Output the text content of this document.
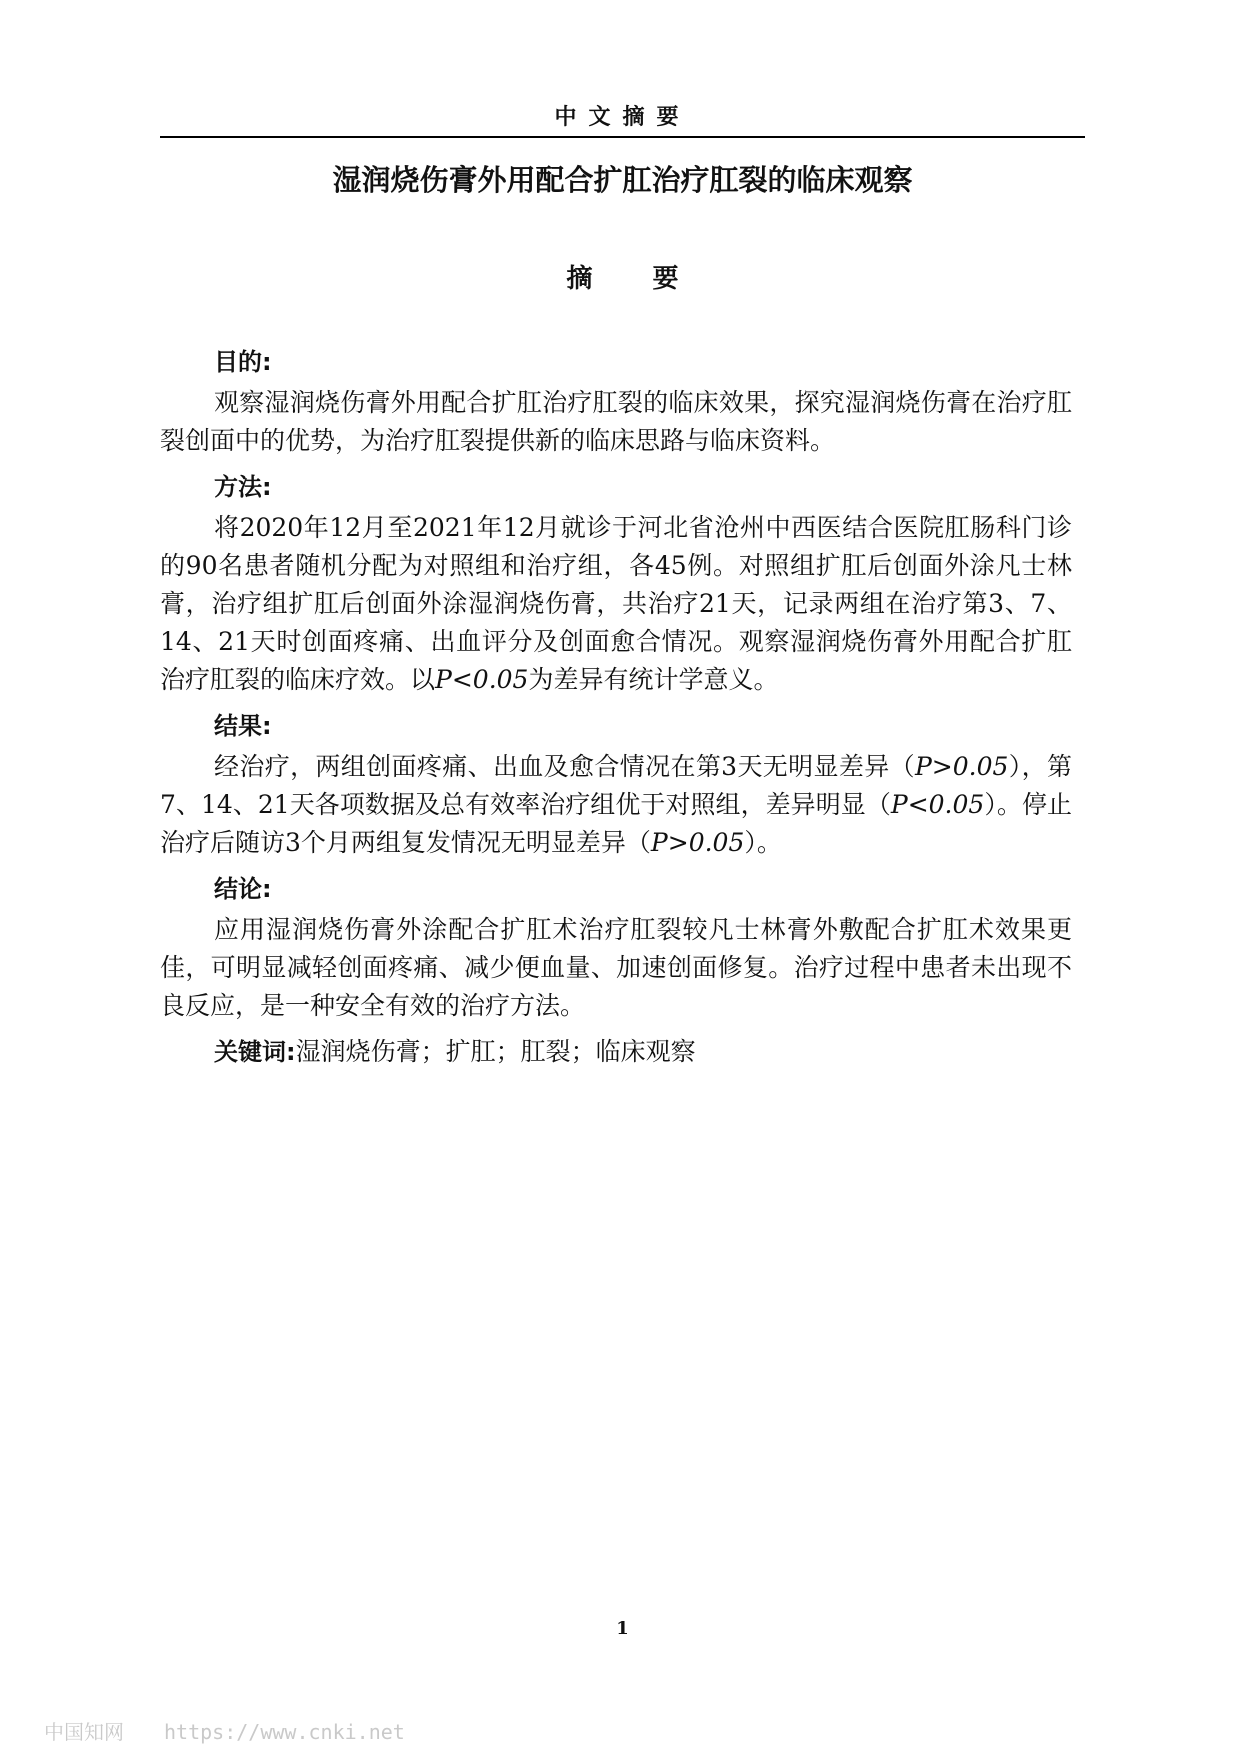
中文摘要
湿润烧伤膏外用配合扩肛治疗肛裂的临床观察
摘要
目的:
观察湿润烧伤膏外用配合扩肛治疗肛裂的临床效果，探究湿润烧伤膏在治疗肛裂创面中的优势，为治疗肛裂提供新的临床思路与临床资料。
方法:
将2020年12月至2021年12月就诊于河北省沧州中西医结合医院肛肠科门诊的90名患者随机分配为对照组和治疗组，各45例。对照组扩肛后创面外涂凡士林膏，治疗组扩肛后创面外涂湿润烧伤膏，共治疗21天，记录两组在治疗第3、7、14、21天时创面疼痛、出血评分及创面愈合情况。观察湿润烧伤膏外用配合扩肛治疗肛裂的临床疗效。以P<0.05为差异有统计学意义。
结果:
经治疗，两组创面疼痛、出血及愈合情况在第3天无明显差异（P>0.05），第7、14、21天各项数据及总有效率治疗组优于对照组，差异明显（P<0.05）。停止治疗后随访3个月两组复发情况无明显差异（P>0.05）。
结论:
应用湿润烧伤膏外涂配合扩肛术治疗肛裂较凡士林膏外敷配合扩肛术效果更佳，可明显减轻创面疼痛、减少便血量、加速创面修复。治疗过程中患者未出现不良反应，是一种安全有效的治疗方法。
关键词:湿润烧伤膏；扩肛；肛裂；临床观察
1
中国知网 https://www.cnki.net
